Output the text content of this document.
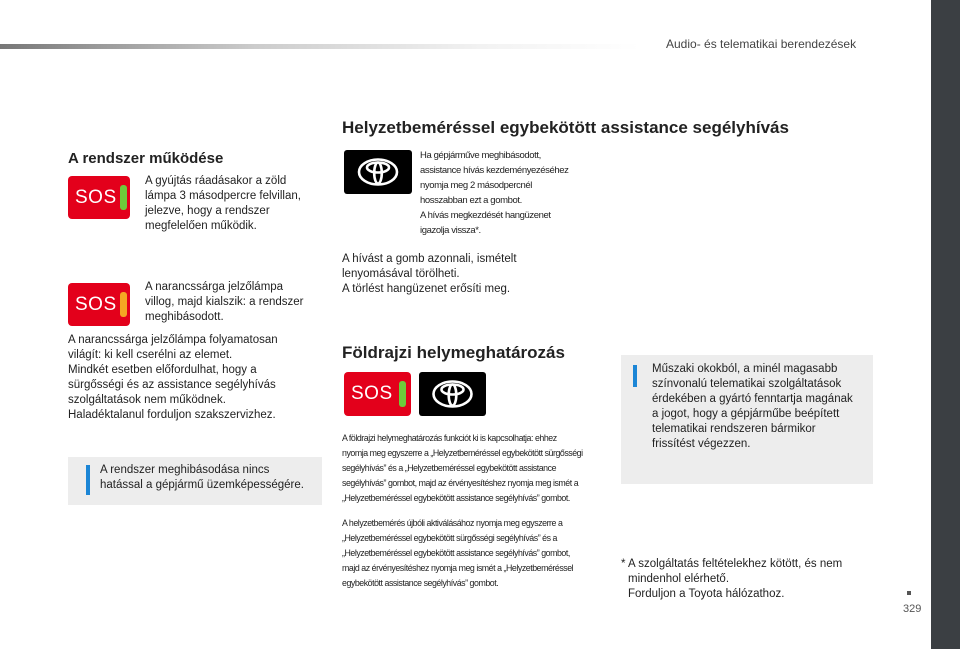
Audio- és telematikai berendezések
329
A rendszer működése
SOS
A gyújtás ráadásakor a zöld
lámpa 3 másodpercre felvillan,
jelezve, hogy a rendszer
megfelelően működik.
SOS
A narancssárga jelzőlámpa
villog, majd kialszik: a rendszer
meghibásodott.
A narancssárga jelzőlámpa folyamatosan
világít: ki kell cserélni az elemet.
Mindkét esetben előfordulhat, hogy a
sürgősségi és az assistance segélyhívás
szolgáltatások nem működnek.
Haladéktalanul forduljon szakszervizhez.
A rendszer meghibásodása nincs
hatással a gépjármű üzemképességére.
Helyzetbeméréssel egybekötött assistance segélyhívás
Ha gépjárműve meghibásodott,
assistance hívás kezdeményezéséhez
nyomja meg 2 másodpercnél
hosszabban ezt a gombot.
A hívás megkezdését hangüzenet
igazolja vissza*.
A hívást a gomb azonnali, ismételt
lenyomásával törölheti.
A törlést hangüzenet erősíti meg.
Földrajzi helymeghatározás
SOS
A földrajzi helymeghatározás funkciót ki is kapcsolhatja: ehhez
nyomja meg egyszerre a „Helyzetbeméréssel egybekötött sürgősségi
segélyhívás” és a „Helyzetbeméréssel egybekötött assistance
segélyhívás” gombot, majd az érvényesítéshez nyomja meg ismét a
„Helyzetbeméréssel egybekötött assistance segélyhívás” gombot.
A helyzetbemérés újbóli aktiválásához nyomja meg egyszerre a
„Helyzetbeméréssel egybekötött sürgősségi segélyhívás” és a
„Helyzetbeméréssel egybekötött assistance segélyhívás” gombot,
majd az érvényesítéshez nyomja meg ismét a „Helyzetbeméréssel
egybekötött assistance segélyhívás” gombot.
Műszaki okokból, a minél magasabb
színvonalú telematikai szolgáltatások
érdekében a gyártó fenntartja magának
a jogot, hogy a gépjárműbe beépített
telematikai rendszeren bármikor
frissítést végezzen.
* A szolgáltatás feltételekhez kötött, és nem
mindenhol elérhető.
Forduljon a Toyota hálózathoz.
